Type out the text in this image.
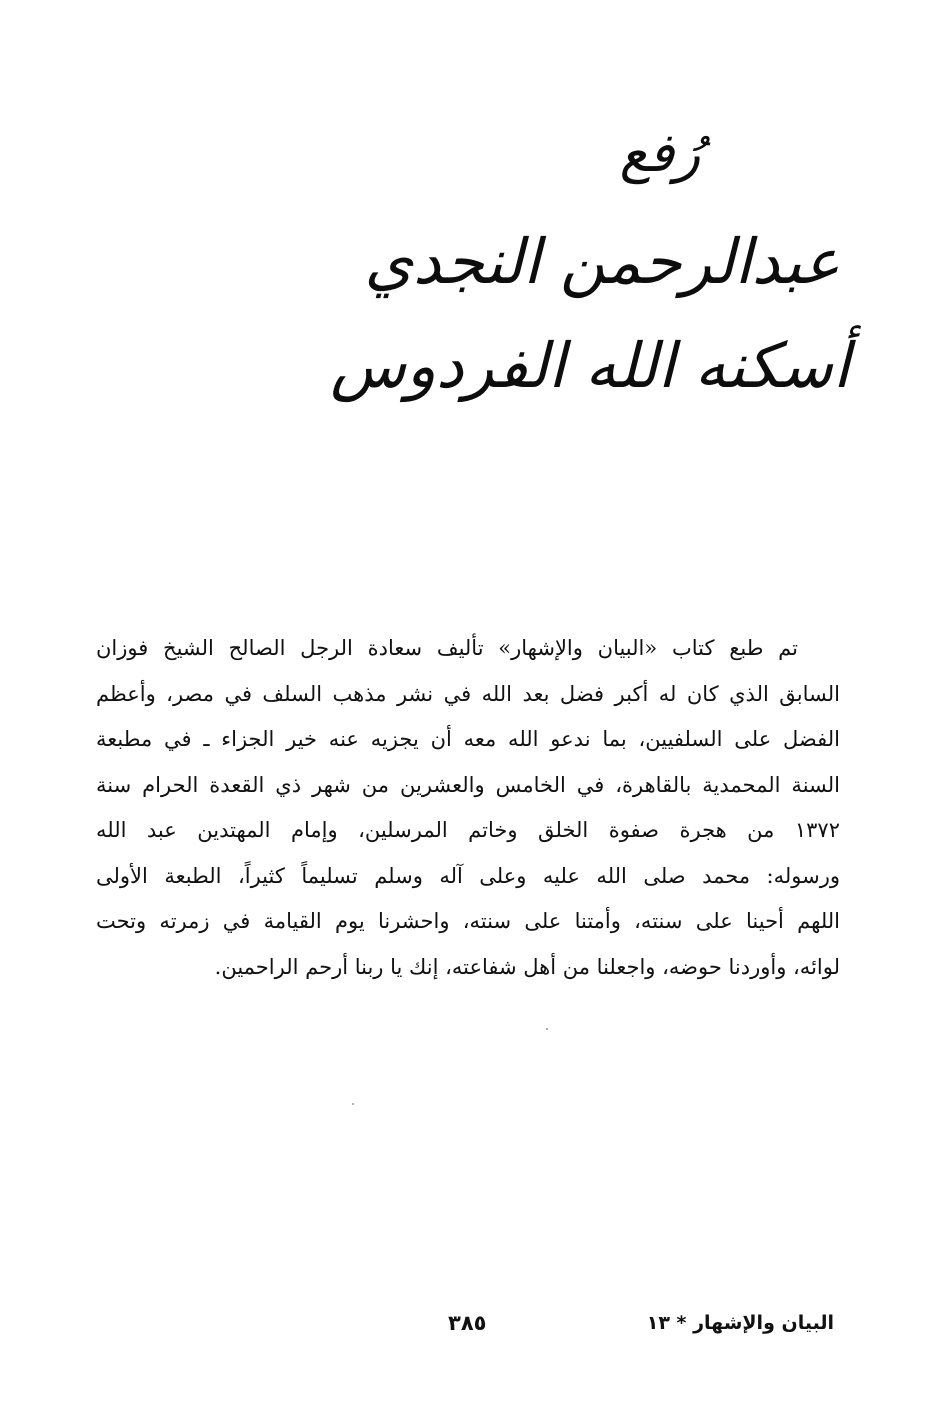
رُفع
عبدالرحمن النجدي
أسكنه الله الفردوس
تم طبع كتاب «البيان والإشهار» تأليف سعادة الرجل الصالح الشيخ فوزان
السابق الذي كان له أكبر فضل بعد الله في نشر مذهب السلف في مصر، وأعظم
الفضل على السلفيين، بما ندعو الله معه أن يجزيه عنه خير الجزاء ـ في مطبعة
السنة المحمدية بالقاهرة، في الخامس والعشرين من شهر ذي القعدة الحرام سنة
١٣٧٢ من هجرة صفوة الخلق وخاتم المرسلين، وإمام المهتدين عبد الله
ورسوله: محمد صلى الله عليه وعلى آله وسلم تسليماً كثيراً، الطبعة الأولى
اللهم أحينا على سنته، وأمتنا على سنته، واحشرنا يوم القيامة في زمرته وتحت
لوائه، وأوردنا حوضه، واجعلنا من أهل شفاعته، إنك يا ربنا أرحم الراحمين.
البيان والإشهار * ١٣
٣٨٥
